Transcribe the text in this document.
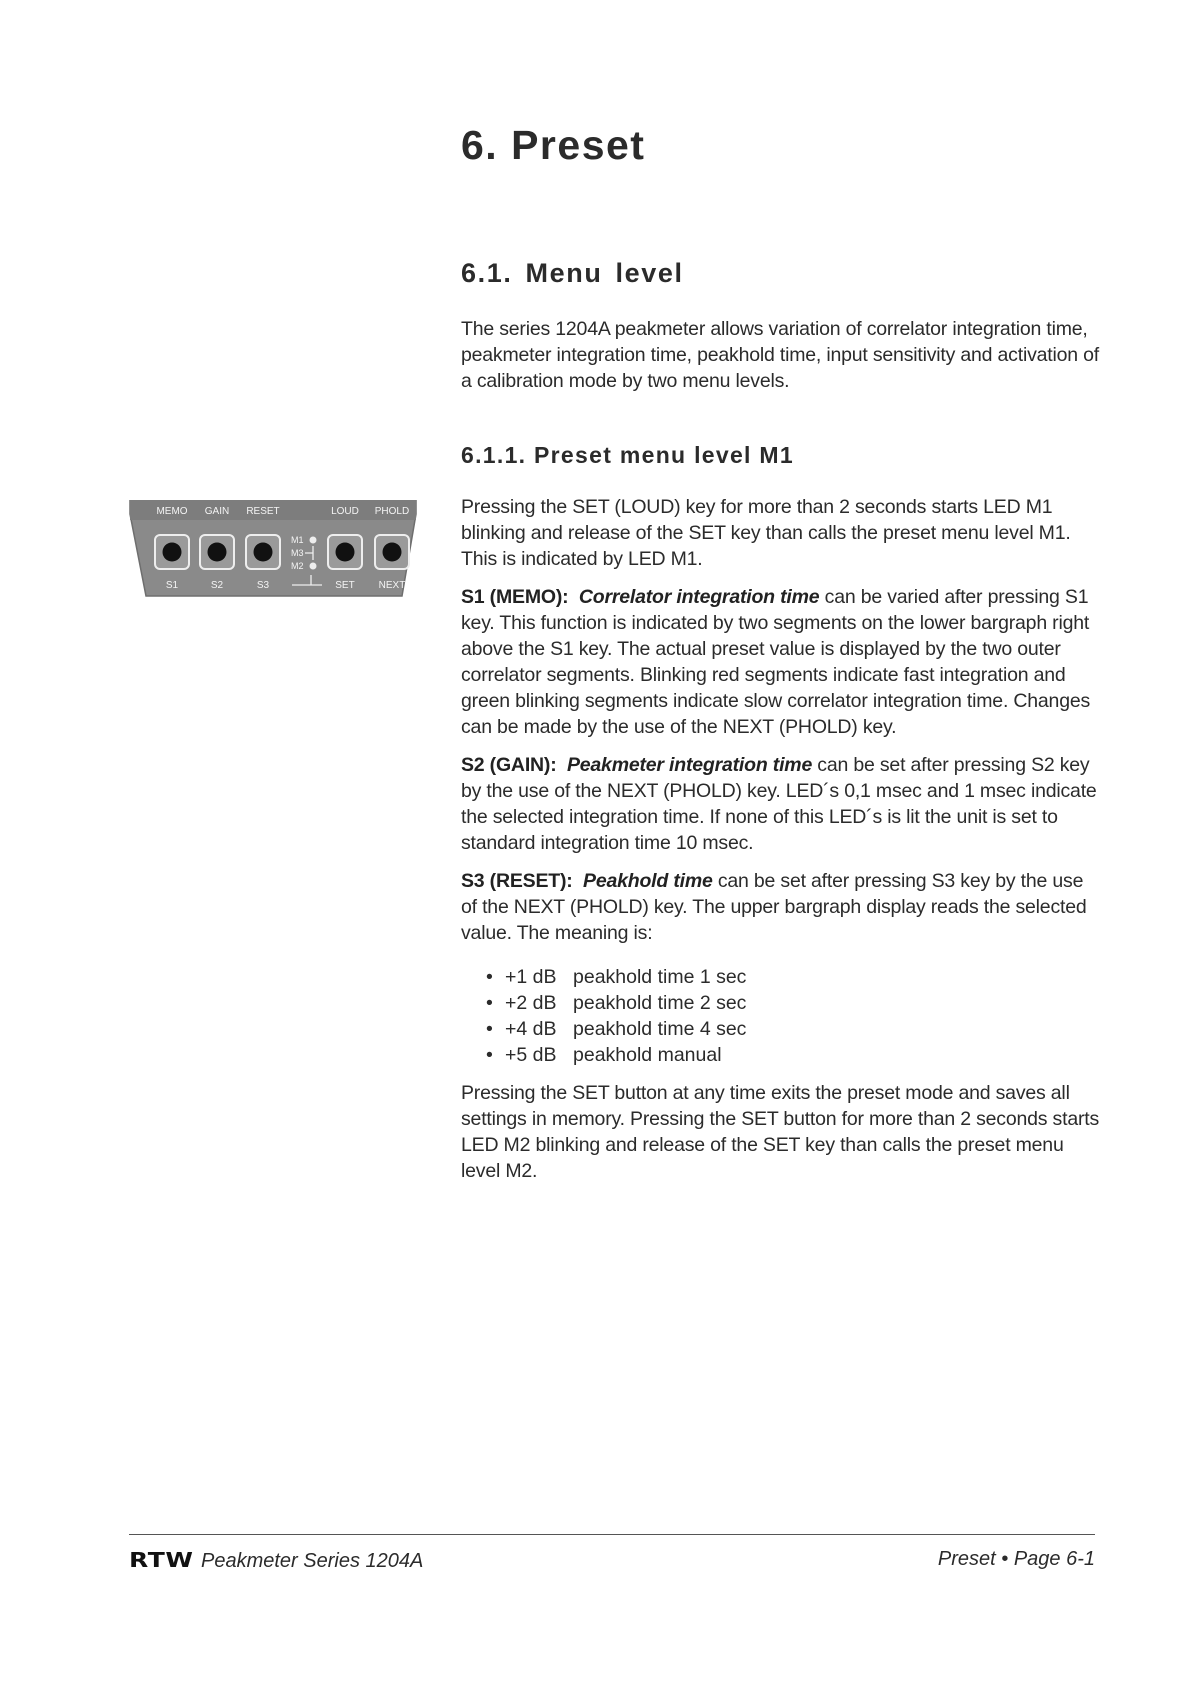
6. Preset
6.1. Menu level

The series 1204A peakmeter allows variation of correlator integration time, peakmeter integration time, peakhold time, input sensitivity and activation of a calibration mode by two menu levels.

6.1.1. Preset menu level M1
MEMO GAIN RESET	LOUD PHOLD
M1
M3
M2
S1	S2	S3	SET NEXT

Pressing the SET (LOUD) key for more than 2 seconds starts LED M1 blinking and release of the SET key than calls the preset menu level M1. This is indicated by LED M1.

S1 (MEMO): Correlator integration time can be varied after pressing S1 key. This function is indicated by two segments on the lower bargraph right above the S1 key. The actual preset value is displayed by the two outer correlator segments. Blinking red segments indicate fast integration and green blinking segments indicate slow correlator integration time. Changes can be made by the use of the NEXT (PHOLD) key.

S2 (GAIN): Peakmeter integration time can be set after pressing S2 key by the use of the NEXT (PHOLD) key. LED´s 0,1 msec and 1 msec indicate the selected integration time. If none of this LED´s is lit the unit is set to standard integration time 10 msec.

S3 (RESET): Peakhold time can be set after pressing S3 key by the use of the NEXT (PHOLD) key. The upper bargraph display reads the selected value. The meaning is:

• +1 dB peakhold time 1 sec
• +2 dB peakhold time 2 sec
• +4 dB peakhold time 4 sec
• +5 dB peakhold manual

Pressing the SET button at any time exits the preset mode and saves all settings in memory. Pressing the SET button for more than 2 seconds starts LED M2 blinking and release of the SET key than calls the preset menu level M2.

RTW Peakmeter Series 1204A	Preset • Page 6-1
